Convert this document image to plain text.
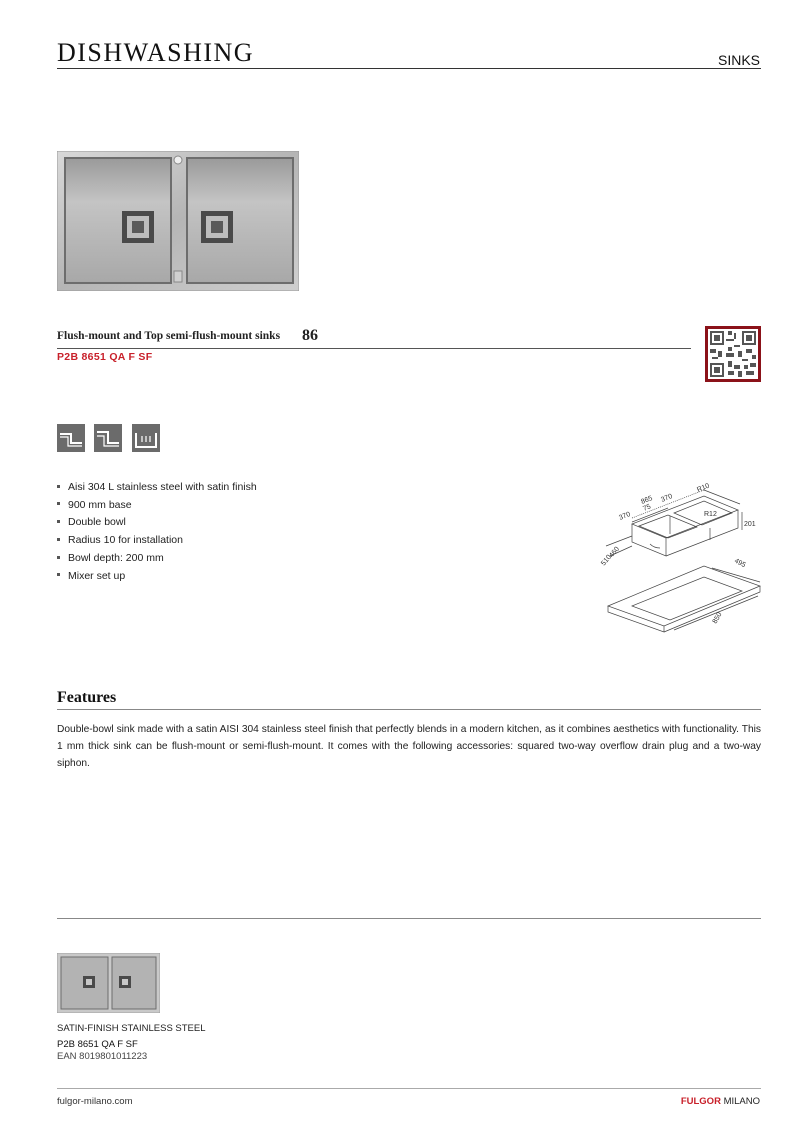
DISHWASHING	SINKS
Flush-mount and Top semi-flush-mount sinks 86
P2B 8651 QA F SF

Aisi 304 L stainless steel with satin finish
900 mm base
Double bowl
Radius 10 for installation
Bowl depth: 200 mm
Mixer set up
865
370
75
370
R10
R12
201
460
510	495
850
Features
Double-bowl sink made with a satin AISI 304 stainless steel finish that perfectly blends in a modern kitchen, as it combines aesthetics with functionality. This 1 mm thick sink can be flush-mount or semi-flush-mount. It comes with the following accessories: squared two-way overflow drain plug and a two-way siphon.
SATIN-FINISH STAINLESS STEEL
P2B 8651 QA F SF
EAN 8019801011223
fulgor-milano.com	FULGOR MILANO
